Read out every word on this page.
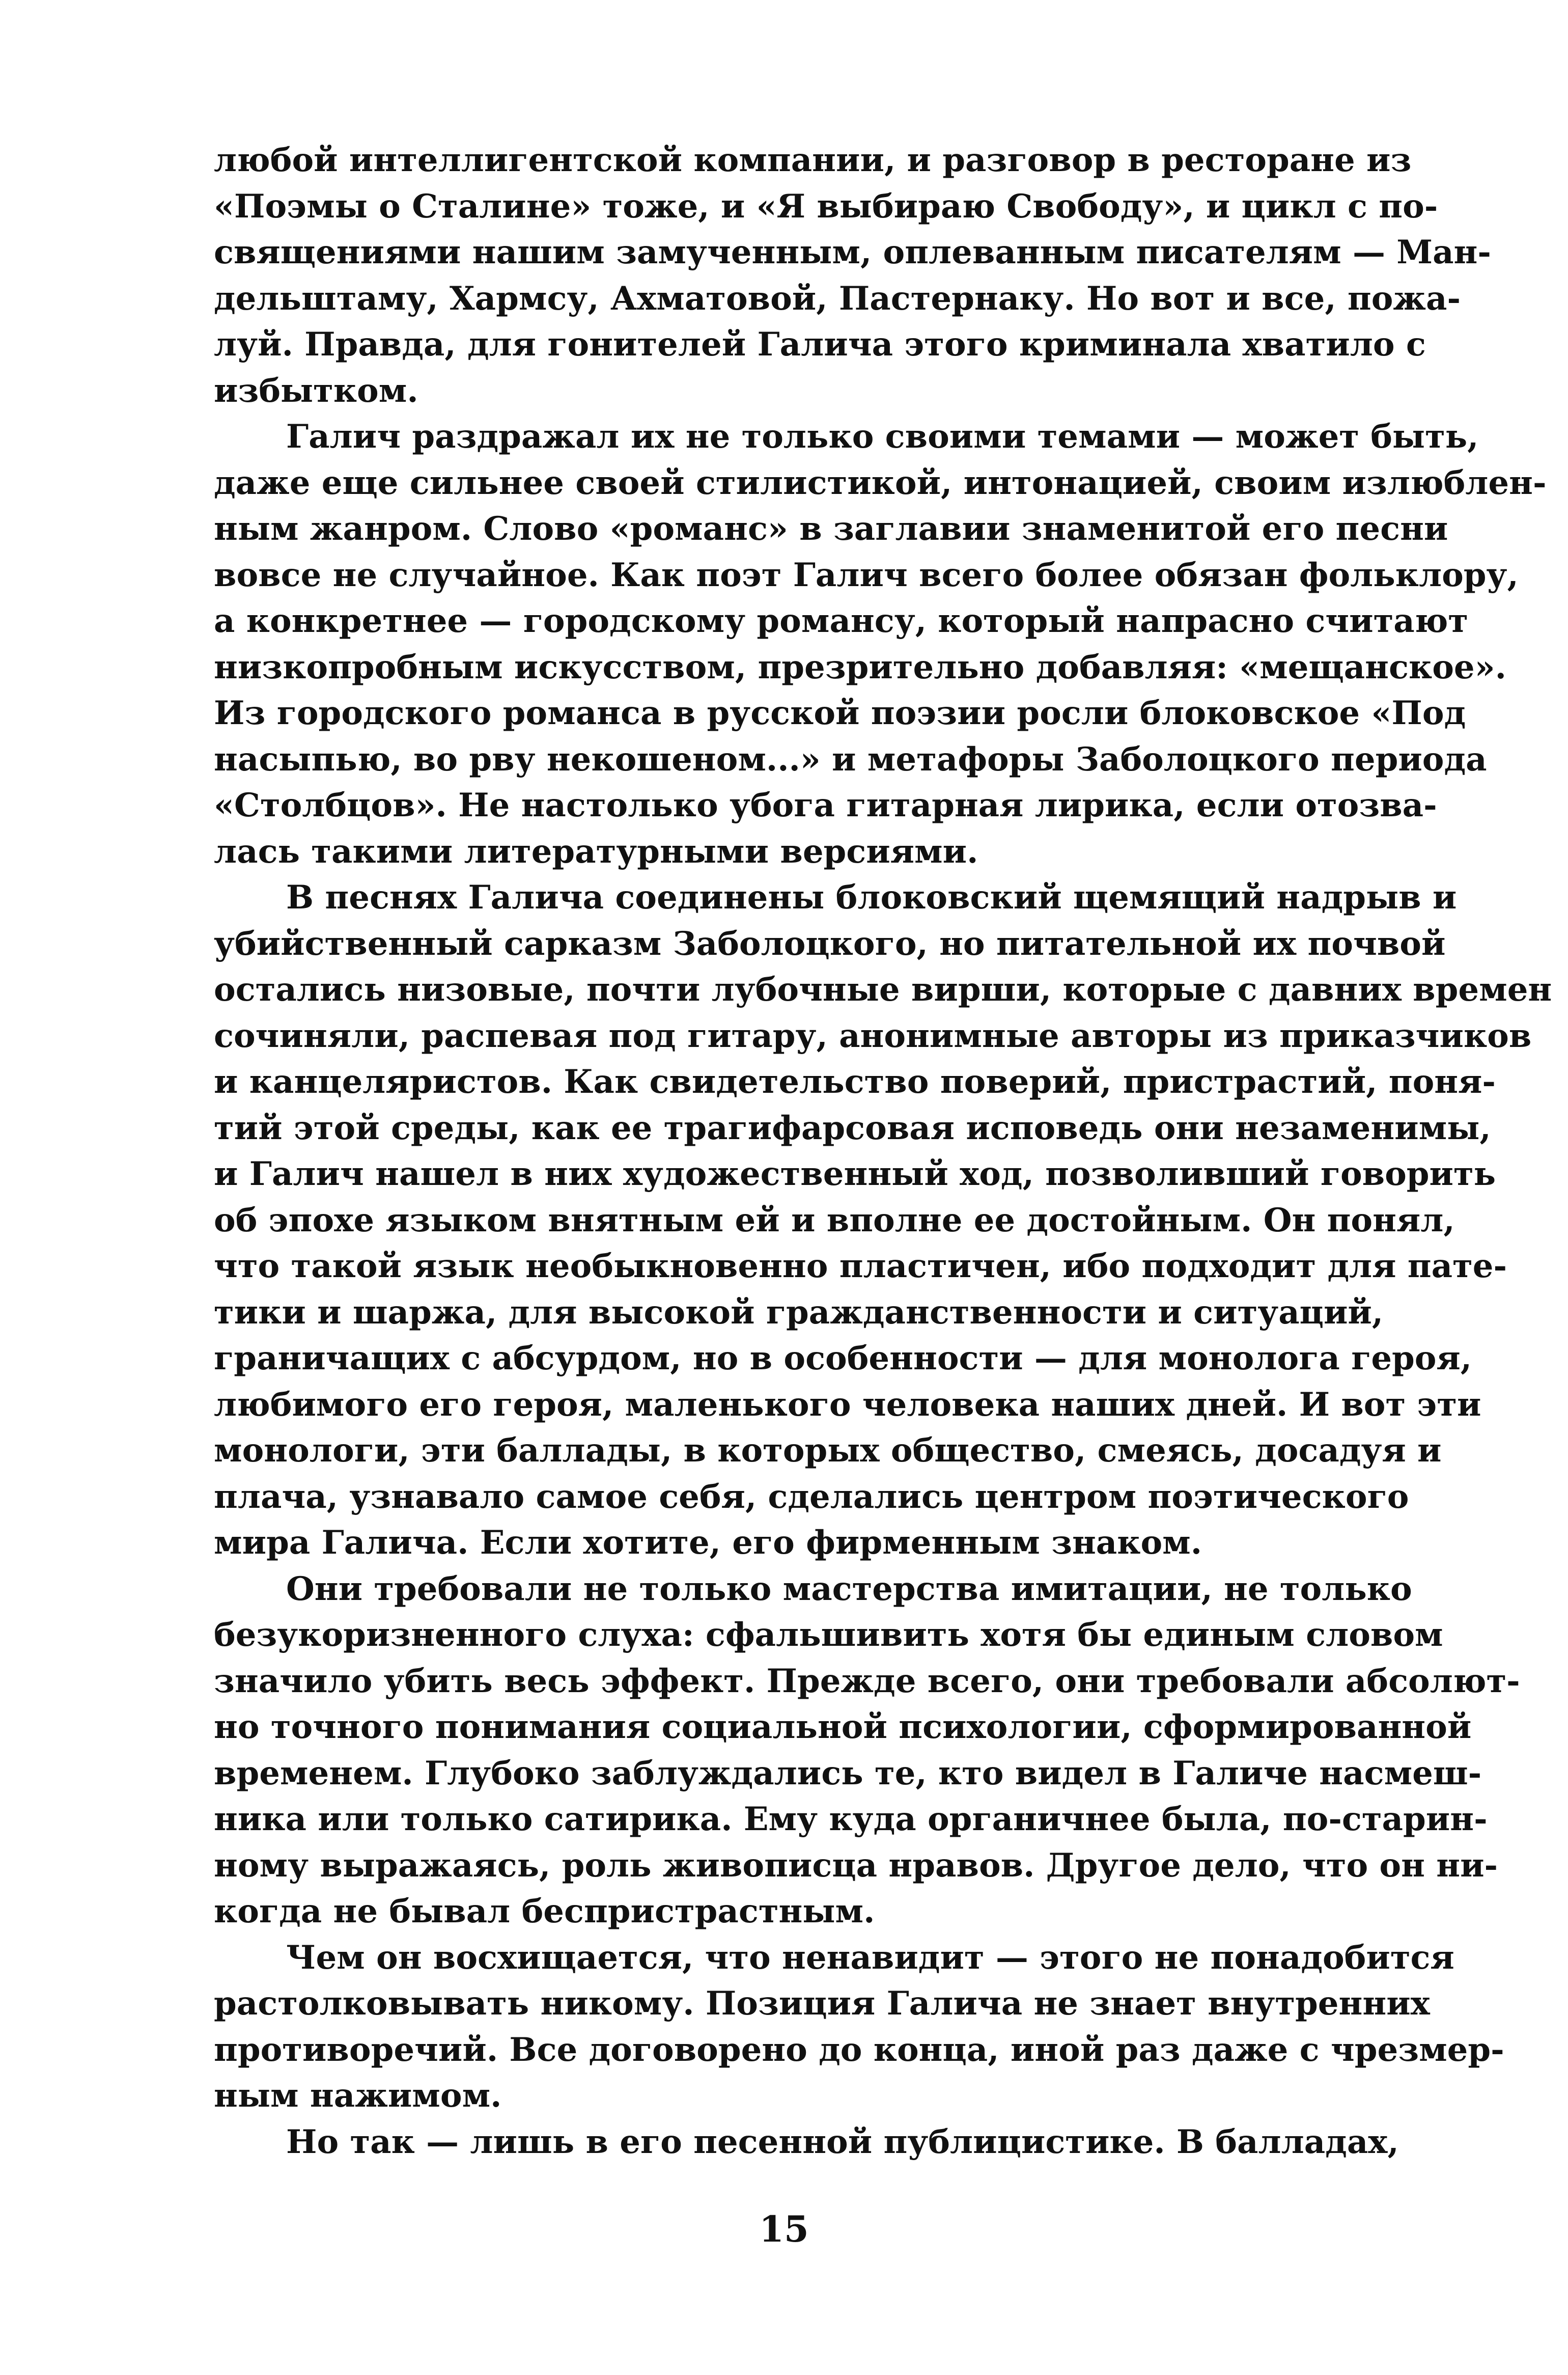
любой интеллигентской компании, и разговор в ресторане из
«Поэмы о Сталине» тоже, и «Я выбираю Свободу», и цикл с по-
священиями нашим замученным, оплеванным писателям — Ман-
дельштаму, Хармсу, Ахматовой, Пастернаку. Но вот и все, пожа-
луй. Правда, для гонителей Галича этого криминала хватило с
избытком.
Галич раздражал их не только своими темами — может быть,
даже еще сильнее своей стилистикой, интонацией, своим излюблен-
ным жанром. Слово «романс» в заглавии знаменитой его песни
вовсе не случайное. Как поэт Галич всего более обязан фольклору,
а конкретнее — городскому романсу, который напрасно считают
низкопробным искусством, презрительно добавляя: «мещанское».
Из городского романса в русской поэзии росли блоковское «Под
насыпью, во рву некошеном...» и метафоры Заболоцкого периода
«Столбцов». Не настолько убога гитарная лирика, если отозва-
лась такими литературными версиями.
В песнях Галича соединены блоковский щемящий надрыв и
убийственный сарказм Заболоцкого, но питательной их почвой
остались низовые, почти лубочные вирши, которые с давних времен
сочиняли, распевая под гитару, анонимные авторы из приказчиков
и канцеляристов. Как свидетельство поверий, пристрастий, поня-
тий этой среды, как ее трагифарсовая исповедь они незаменимы,
и Галич нашел в них художественный ход, позволивший говорить
об эпохе языком внятным ей и вполне ее достойным. Он понял,
что такой язык необыкновенно пластичен, ибо подходит для пате-
тики и шаржа, для высокой гражданственности и ситуаций,
граничащих с абсурдом, но в особенности — для монолога героя,
любимого его героя, маленького человека наших дней. И вот эти
монологи, эти баллады, в которых общество, смеясь, досадуя и
плача, узнавало самое себя, сделались центром поэтического
мира Галича. Если хотите, его фирменным знаком.
Они требовали не только мастерства имитации, не только
безукоризненного слуха: сфальшивить хотя бы единым словом
значило убить весь эффект. Прежде всего, они требовали абсолют-
но точного понимания социальной психологии, сформированной
временем. Глубоко заблуждались те, кто видел в Галиче насмеш-
ника или только сатирика. Ему куда органичнее была, по-старин-
ному выражаясь, роль живописца нравов. Другое дело, что он ни-
когда не бывал беспристрастным.
Чем он восхищается, что ненавидит — этого не понадобится
растолковывать никому. Позиция Галича не знает внутренних
противоречий. Все договорено до конца, иной раз даже с чрезмер-
ным нажимом.
Но так — лишь в его песенной публицистике. В балладах,
15
